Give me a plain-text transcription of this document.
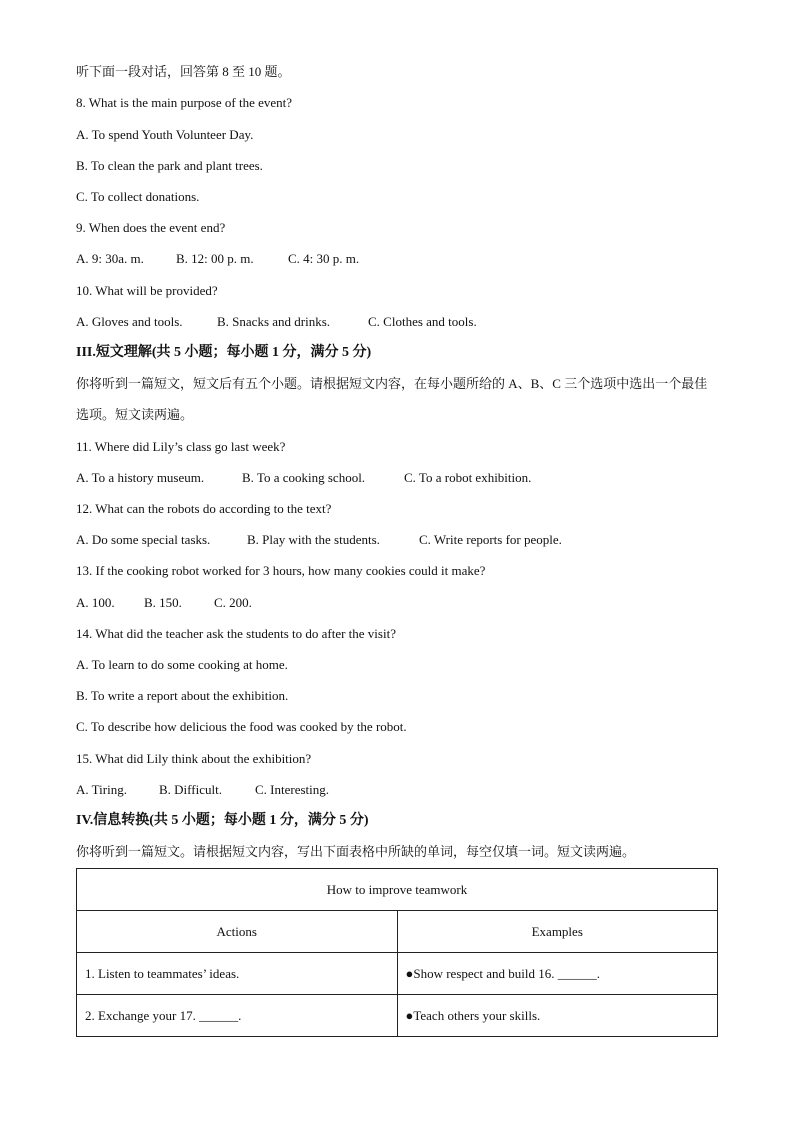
听下面一段对话，回答第 8 至 10 题。
8. What is the main purpose of the event?
A. To spend Youth Volunteer Day.
B. To clean the park and plant trees.
C. To collect donations.
9. When does the event end?
A. 9: 30a. m. B. 12: 00 p. m.	C. 4: 30 p. m.
10. What will be provided?
A. Gloves and tools.	B. Snacks and drinks.	C. Clothes and tools.
III.短文理解(共 5 小题；每小题 1 分，满分 5 分)
你将听到一篇短文，短文后有五个小题。请根据短文内容，在每小题所给的 A、B、C 三个选项中选出一个最佳选项。短文读两遍。
11. Where did Lily’s class go last week?
A. To a history museum.	B. To a cooking school.	C. To a robot exhibition.
12. What can the robots do according to the text?
A. Do some special tasks.	B. Play with the students.	C. Write reports for people.
13. If the cooking robot worked for 3 hours, how many cookies could it make?
A. 100. B. 150. C. 200.
14. What did the teacher ask the students to do after the visit?
A. To learn to do some cooking at home.
B. To write a report about the exhibition.
C. To describe how delicious the food was cooked by the robot.
15. What did Lily think about the exhibition?
A. Tiring. B. Difficult.	C. Interesting.
IV.信息转换(共 5 小题；每小题 1 分，满分 5 分)
你将听到一篇短文。请根据短文内容，写出下面表格中所缺的单词，每空仅填一词。短文读两遍。
How to improve teamwork	
Actions	Examples
1. Listen to teammates’ ideas.	●Show respect and build 16. ______.
2. Exchange your 17. ______.	●Teach others your skills.
